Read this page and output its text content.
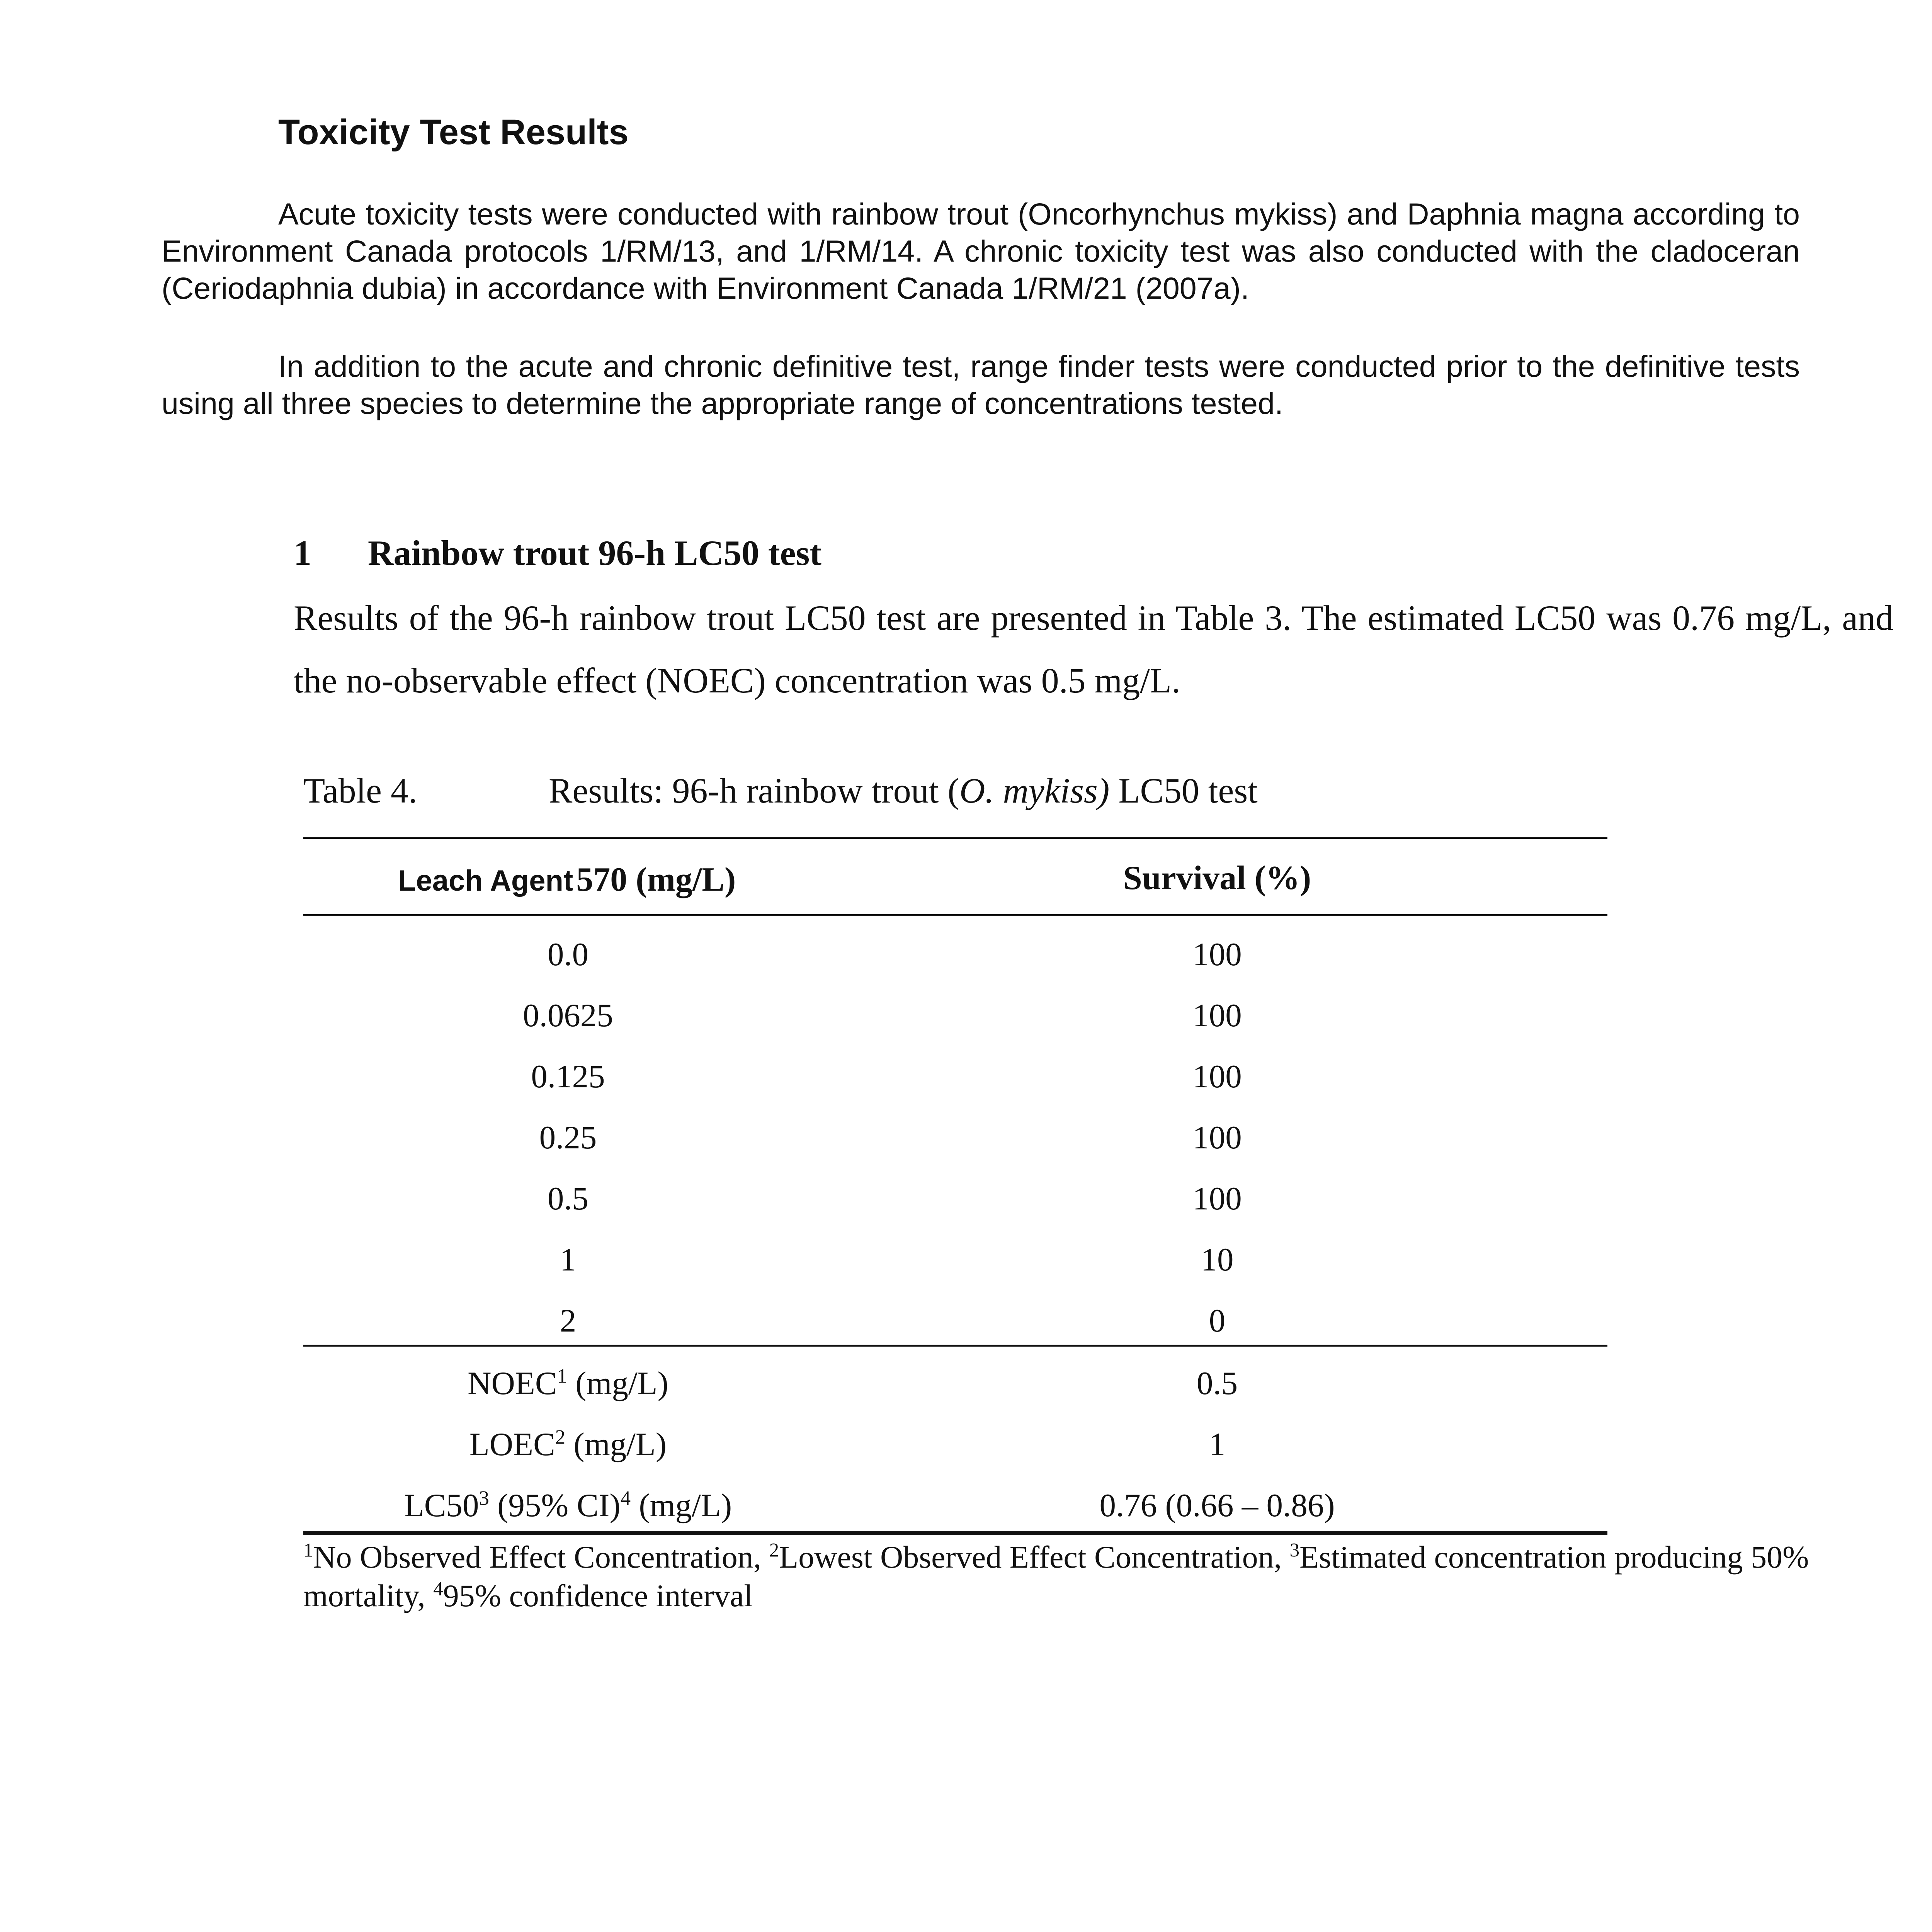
Toxicity Test Results

Acute toxicity tests were conducted with rainbow trout (Oncorhynchus mykiss) and Daphnia magna according to Environment Canada protocols 1/RM/13, and 1/RM/14. A chronic toxicity test was also conducted with the cladoceran (Ceriodaphnia dubia) in accordance with Environment Canada 1/RM/21 (2007a).

In addition to the acute and chronic definitive test, range finder tests were conducted prior to the definitive tests using all three species to determine the appropriate range of concentrations tested.

1 Rainbow trout 96-h LC50 test

Results of the 96-h rainbow trout LC50 test are presented in Table 3. The estimated LC50 was 0.76 mg/L, and the no-observable effect (NOEC) concentration was 0.5 mg/L.

Table 4.	Results: 96-h rainbow trout (O. mykiss) LC50 test
Leach Agent  570 (mg/L)	Survival (%)
0.0	100
0.0625	100
0.125	100
0.25	100
0.5	100
1	10
2	0
NOEC$^1$ (mg/L)	0.5
LOEC$^2$ (mg/L)	1
$LC50^3$ (95% CI)$^4$ (mg/L)	0.76 (0.66 – 0.86)
$^1$No Observed Effect Concentration, $^2$Lowest Observed Effect Concentration, $^3$Estimated concentration producing 50% mortality, $^4$95% confidence interval
